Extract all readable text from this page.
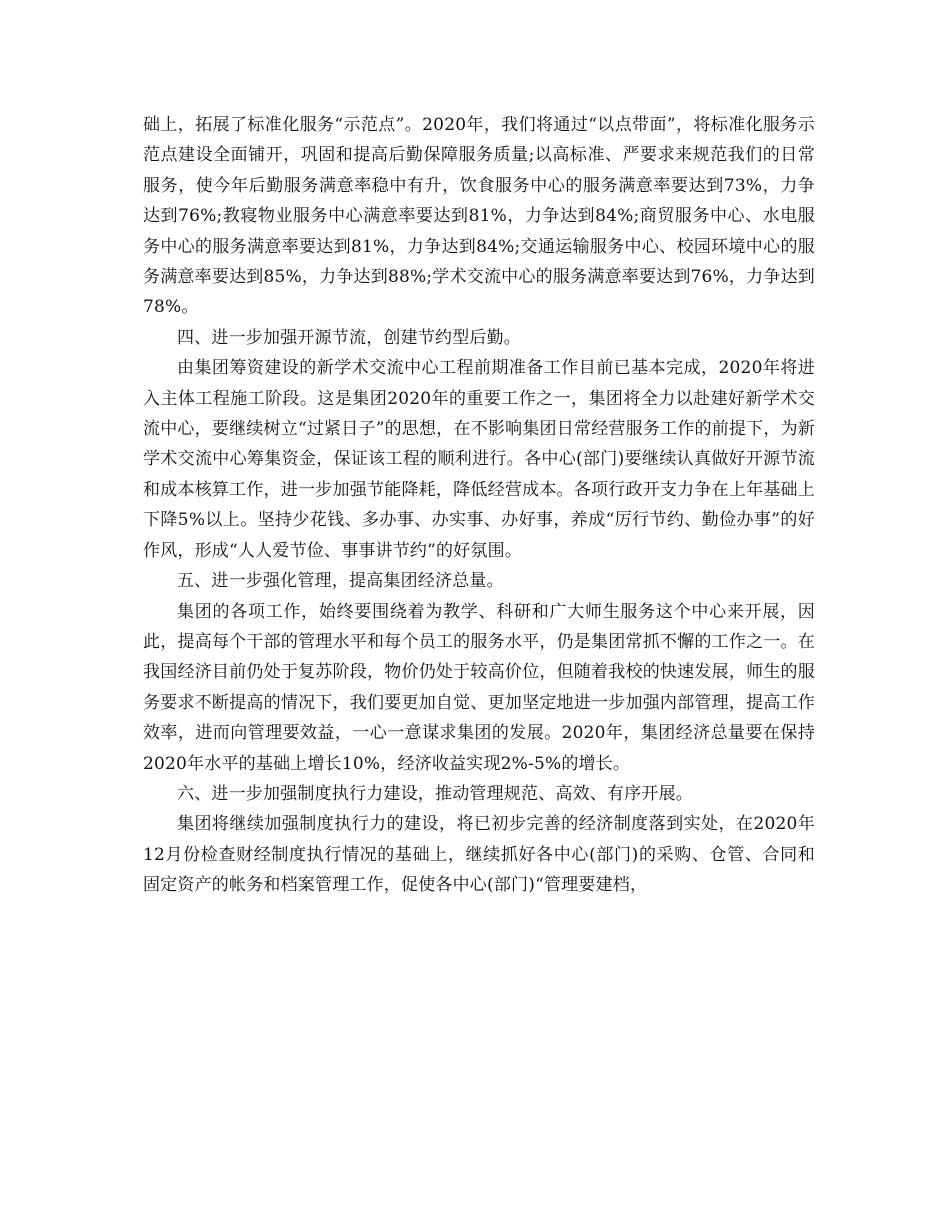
础上，拓展了标准化服务“示范点”。2020年，我们将通过“以点带面”，将标准化服务示范点建设全面铺开，巩固和提高后勤保障服务质量;以高标准、严要求来规范我们的日常服务，使今年后勤服务满意率稳中有升，饮食服务中心的服务满意率要达到73%，力争达到76%;教寝物业服务中心满意率要达到81%，力争达到84%;商贸服务中心、水电服务中心的服务满意率要达到81%，力争达到84%;交通运输服务中心、校园环境中心的服务满意率要达到85%，力争达到88%;学术交流中心的服务满意率要达到76%，力争达到78%。

四、进一步加强开源节流，创建节约型后勤。

由集团筹资建设的新学术交流中心工程前期准备工作目前已基本完成，2020年将进入主体工程施工阶段。这是集团2020年的重要工作之一，集团将全力以赴建好新学术交流中心，要继续树立“过紧日子”的思想，在不影响集团日常经营服务工作的前提下，为新学术交流中心筹集资金，保证该工程的顺利进行。各中心(部门)要继续认真做好开源节流和成本核算工作，进一步加强节能降耗，降低经营成本。各项行政开支力争在上年基础上下降5%以上。坚持少花钱、多办事、办实事、办好事，养成“厉行节约、勤俭办事”的好作风，形成“人人爱节俭、事事讲节约”的好氛围。

五、进一步强化管理，提高集团经济总量。

集团的各项工作，始终要围绕着为教学、科研和广大师生服务这个中心来开展，因此，提高每个干部的管理水平和每个员工的服务水平，仍是集团常抓不懈的工作之一。在我国经济目前仍处于复苏阶段，物价仍处于较高价位，但随着我校的快速发展，师生的服务要求不断提高的情况下，我们要更加自觉、更加坚定地进一步加强内部管理，提高工作效率，进而向管理要效益，一心一意谋求集团的发展。2020年，集团经济总量要在保持2020年水平的基础上增长10%，经济收益实现2%-5%的增长。

六、进一步加强制度执行力建设，推动管理规范、高效、有序开展。

集团将继续加强制度执行力的建设，将已初步完善的经济制度落到实处，在2020年12月份检查财经制度执行情况的基础上，继续抓好各中心(部门)的采购、仓管、合同和固定资产的帐务和档案管理工作，促使各中心(部门)“管理要建档，
